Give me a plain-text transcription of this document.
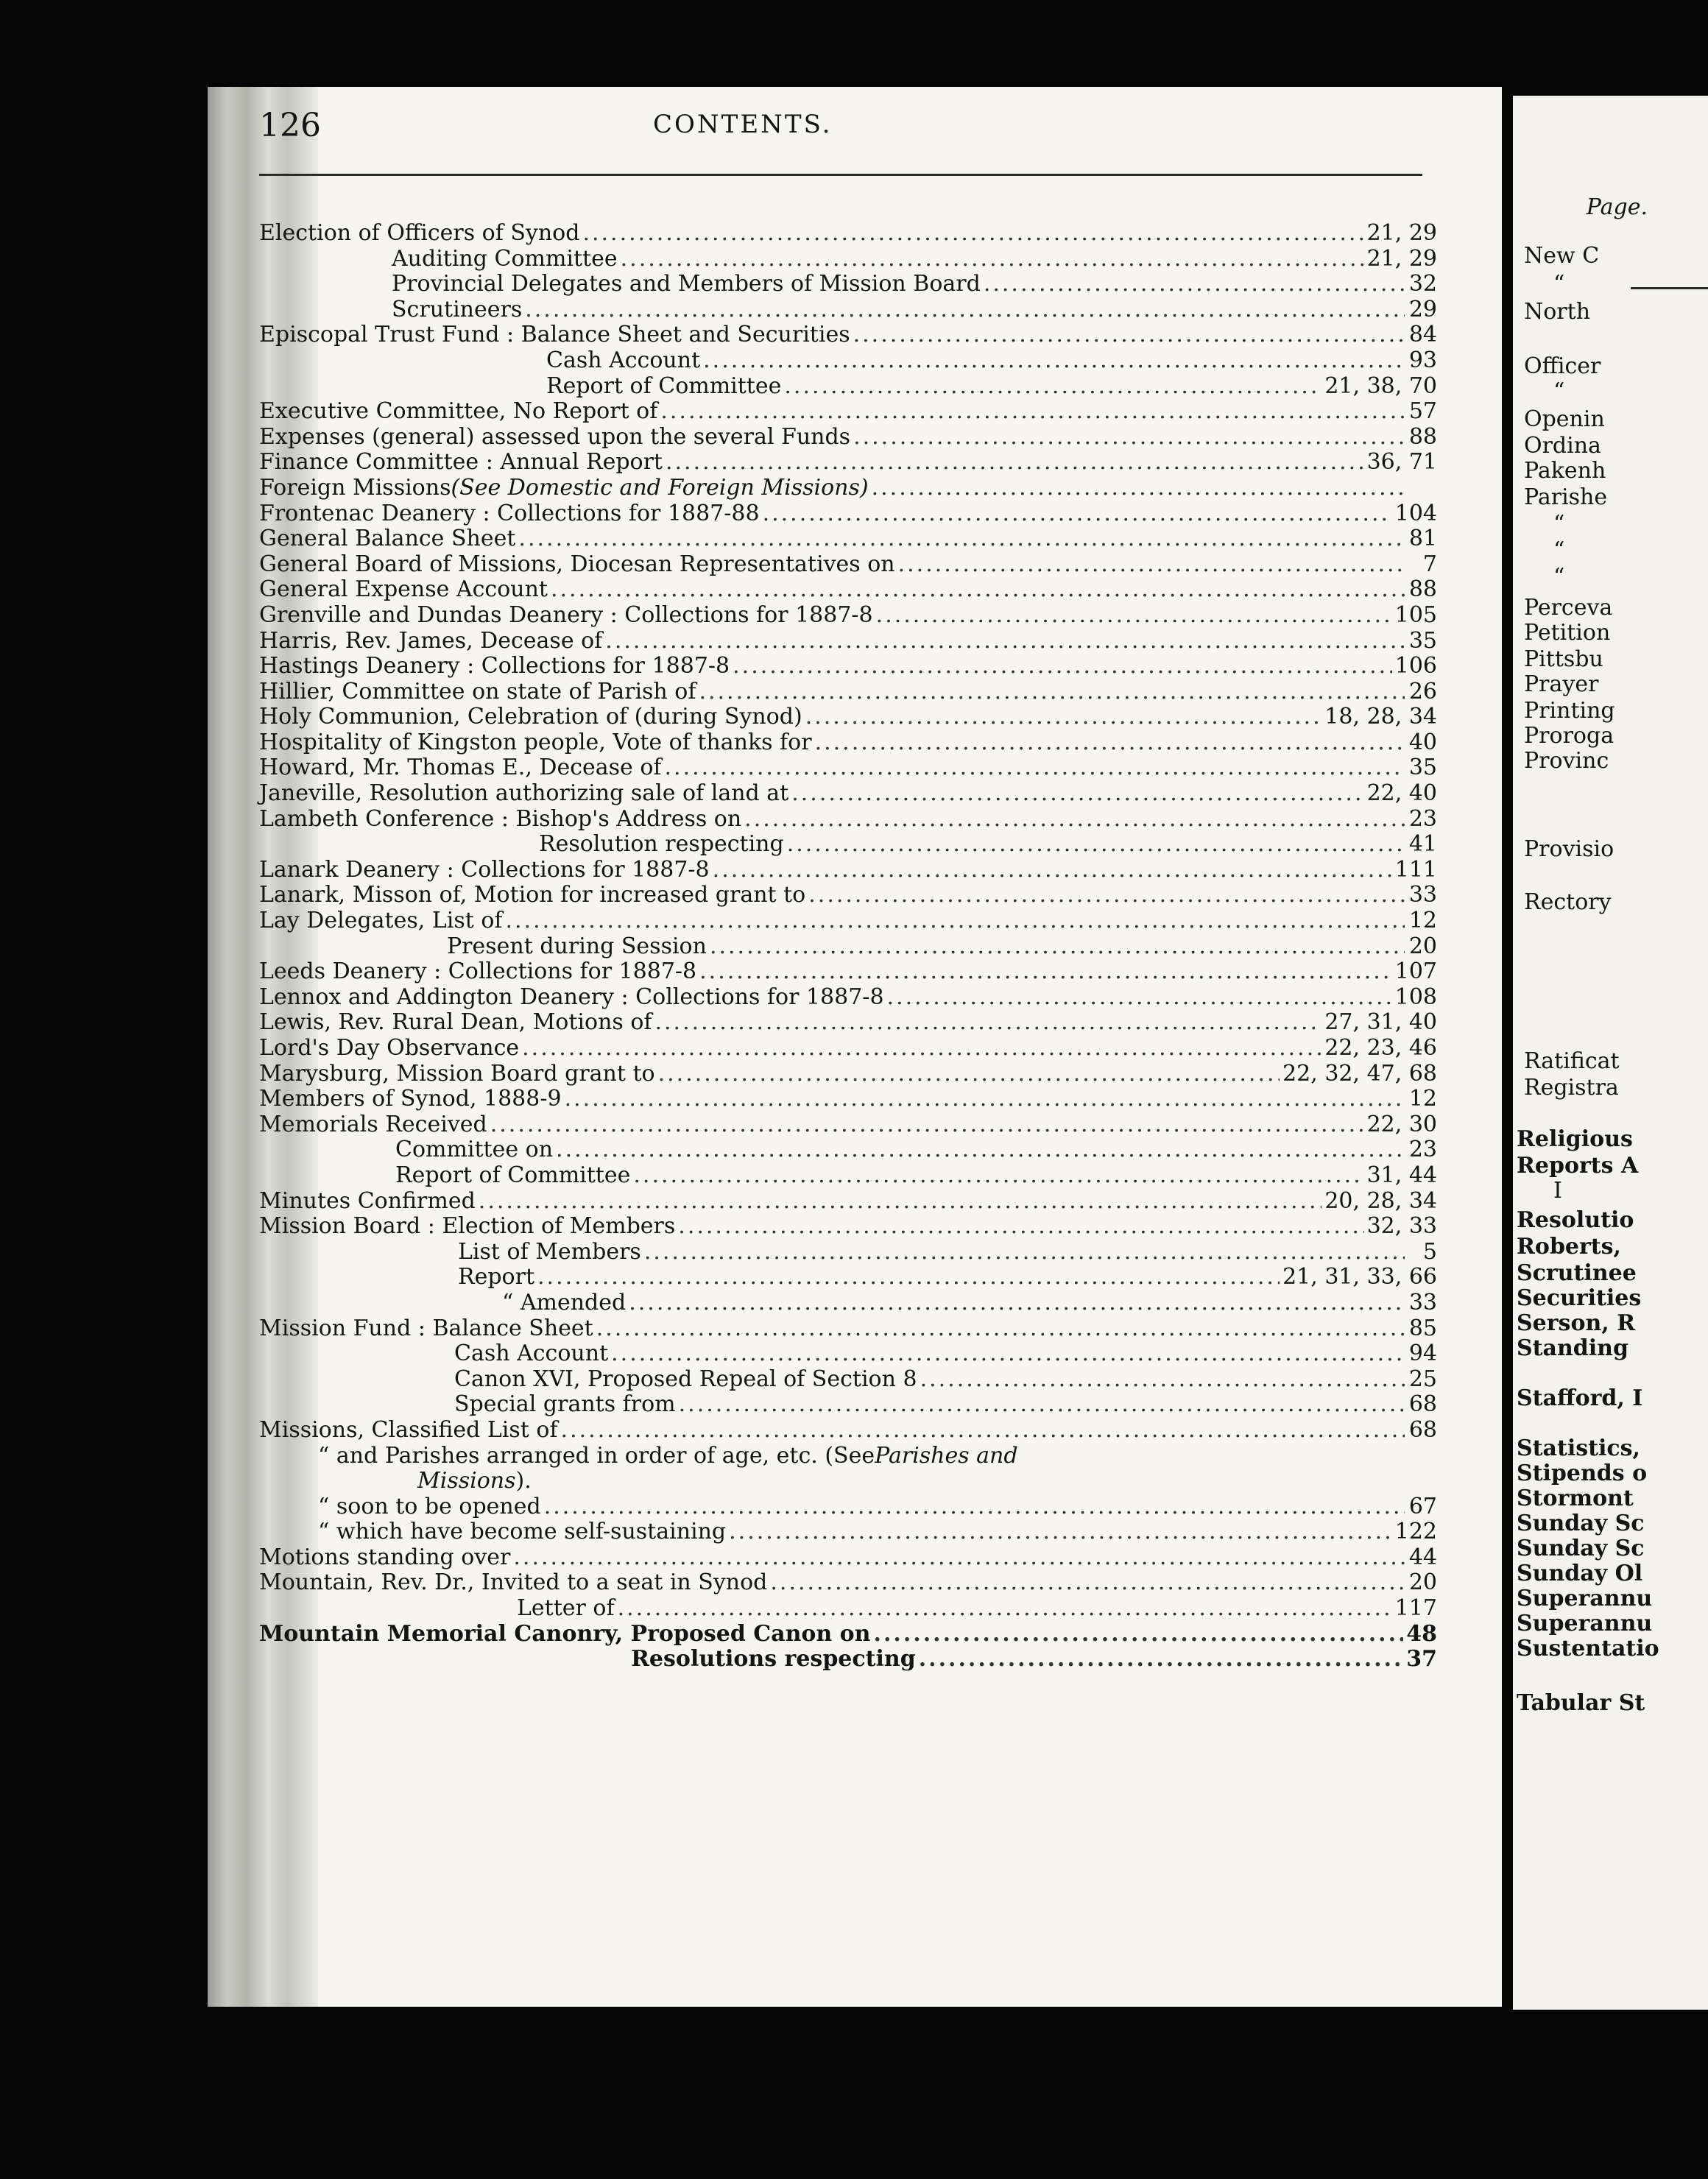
New C
“
North
Officer
“
Openin
Ordina
Pakenh
Parishe
“
“
“
Perceva
Petition
Pittsbu
Prayer
Printing
Proroga
Provinc
Provisio
Rectory
Ratificat
Registra
Religious
Reports A
I
Resolutio
Roberts,
Scrutinee
Securities
Serson, R
Standing
Stafford, I
Statistics,
Stipends o
Stormont
Sunday Sc
Sunday Sc
Sunday Ol
Superannu
Superannu
Sustentatio
Tabular St
126	CONTENTS.
Page.
Election of Officers of Synod .....	21, 29
Auditing Committee .....	21, 29
Provincial Delegates and Members of Mission Board .....	32
Scrutineers .....	29
Episcopal Trust Fund : Balance Sheet and Securities .....	84
Cash Account .....	93
Report of Committee .....	21, 38, 70
Executive Committee, No Report of .....	57
Expenses (general) assessed upon the several Funds .....	88
Finance Committee : Annual Report .....	36, 71
Foreign Missions (See Domestic and Foreign Missions)
.....
Frontenac Deanery : Collections for 1887-88 .....	104
General Balance Sheet .....	81
General Board of Missions, Diocesan Representatives on .....	7
General Expense Account .....	88
Grenville and Dundas Deanery : Collections for 1887-8 .....	105
Harris, Rev. James, Decease of .....	35
Hastings Deanery : Collections for 1887-8 .....	106
Hillier, Committee on state of Parish of .....	26
Holy Communion, Celebration of (during Synod) .....	18, 28, 34
Hospitality of Kingston people, Vote of thanks for .....	40
Howard, Mr. Thomas E., Decease of .....	35
Janeville, Resolution authorizing sale of land at .....	22, 40
Lambeth Conference : Bishop's Address on .....	23
Resolution respecting .....	41
Lanark Deanery : Collections for 1887-8 .....	111
Lanark, Misson of, Motion for increased grant to .....	33
Lay Delegates, List of .....	12
Present during Session .....	20
Leeds Deanery : Collections for 1887-8 .....	107
Lennox and Addington Deanery : Collections for 1887-8 .....	108
Lewis, Rev. Rural Dean, Motions of .....	27, 31, 40
Lord's Day Observance .....	22, 23, 46
Marysburg, Mission Board grant to .....	22, 32, 47, 68
Members of Synod, 1888-9 .....	12
Memorials Received .....	22, 30
Committee on .....	23
Report of Committee .....	31, 44
Minutes Confirmed .....	20, 28, 34
Mission Board : Election of Members .....	32, 33
List of Members .....	5
Report .....	21, 31, 33, 66
“ Amended .....	33
Mission Fund : Balance Sheet .....	85
Cash Account .....	94
Canon XVI, Proposed Repeal of Section 8 .....	25
Special grants from .....	68
Missions, Classified List of .....	68
“ and Parishes arranged in order of age, etc. (See Parishes and
Missions ).
“ soon to be opened .....	67
“ which have become self-sustaining .....	122
Motions standing over .....	44
Mountain, Rev. Dr., Invited to a seat in Synod .....	20
Letter of .....	117
Mountain Memorial Canonry, Proposed Canon on .....	48
Resolutions respecting .....	37
